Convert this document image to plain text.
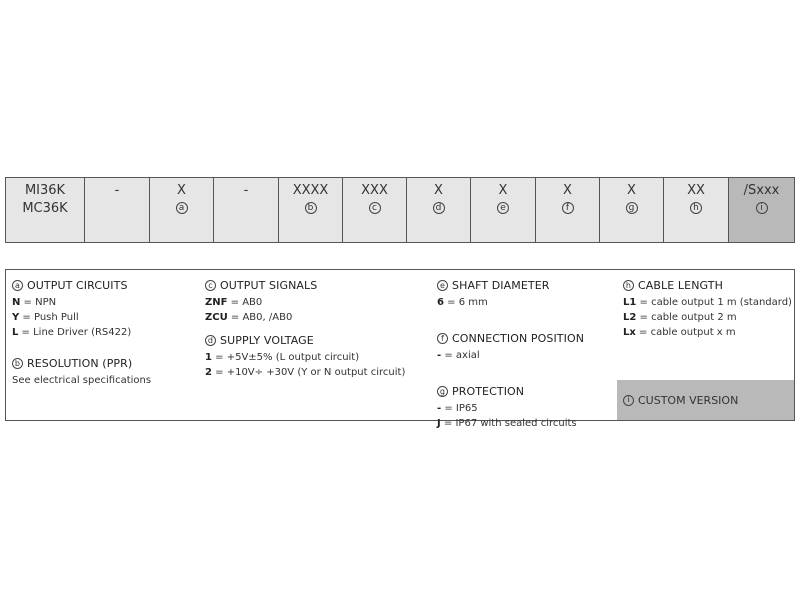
MI36K
MC36K
-	X
a
-	XXXX
b
XXX
c
X
d
X
e
X
f
X
g
XX
h
/Sxxx
i
a OUTPUT CIRCUITS
N = NPN
Y = Push Pull
L = Line Driver (RS422)
b RESOLUTION (PPR)
See electrical specifications
c OUTPUT SIGNALS
ZNF = AB0
ZCU = AB0, /AB0
d SUPPLY VOLTAGE
1 = +5V±5% (L output circuit)
2 = +10V÷ +30V (Y or N output circuit)
e SHAFT DIAMETER
6 = 6 mm
f CONNECTION POSITION
- = axial
g PROTECTION
- = IP65
J = IP67 with sealed circuits
h CABLE LENGTH
L1 = cable output 1 m (standard)
L2 = cable output 2 m
Lx = cable output x m
i CUSTOM VERSION
